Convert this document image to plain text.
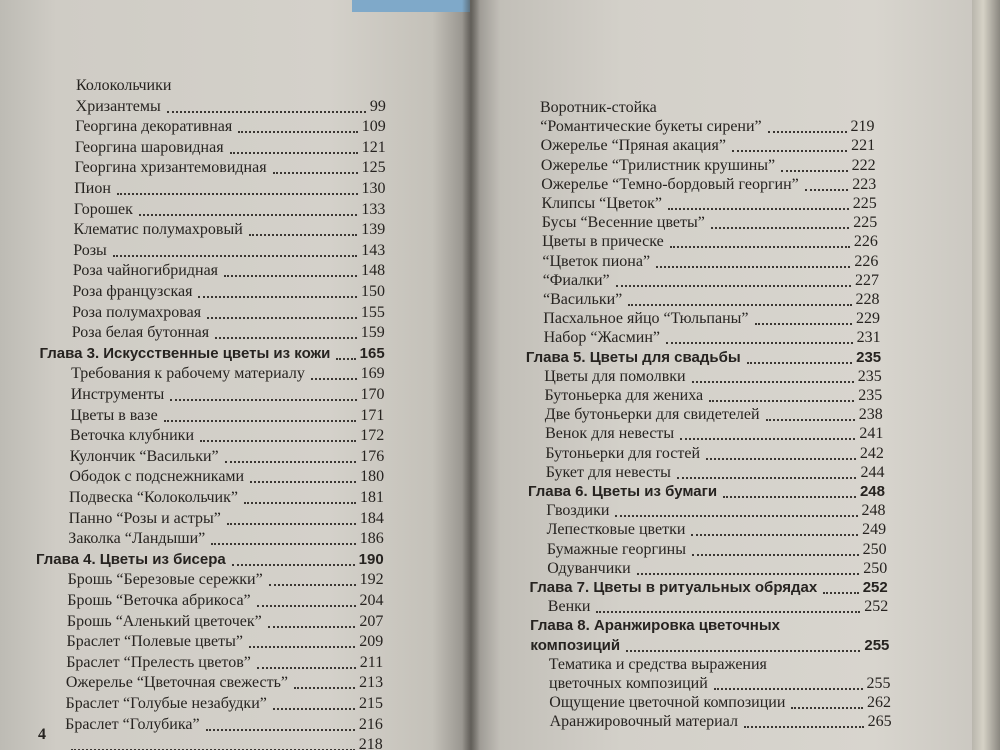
Колокольчики
Хризантемы	99
Георгина декоративная	109
Георгина шаровидная	121
Георгина хризантемовидная	125
Пион	130
Горошек	133
Клематис полумахровый	139
Розы	143
Роза чайногибридная	148
Роза французская	150
Роза полумахровая	155
Роза белая бутонная	159
Глава 3. Искусственные цветы из кожи 165
Требования к рабочему материалу	169
Инструменты	170
Цветы в вазе	171
Веточка клубники	172
Кулончик “Васильки”	176
Ободок с подснежниками	180
Подвеска “Колокольчик”	181
Панно “Розы и астры”	184
Заколка “Ландыши”	186
Глава 4. Цветы из бисера	190
Брошь “Березовые сережки”	192
Брошь “Веточка абрикоса”	204
Брошь “Аленький цветочек”	207
Браслет “Полевые цветы”	209
Браслет “Прелесть цветов”	211
Ожерелье “Цветочная свежесть”	213
Браслет “Голубые незабудки”	215
Браслет “Голубика”	216
218
4
Воротник-стойка
“Романтические букеты сирени”	219
Ожерелье “Пряная акация”	221
Ожерелье “Трилистник крушины”	222
Ожерелье “Темно-бордовый георгин”	223
Клипсы “Цветок”	225
Бусы “Весенние цветы”	225
Цветы в прическе	226
“Цветок пиона”	226
“Фиалки”	227
“Васильки”	228
Пасхальное яйцо “Тюльпаны”	229
Набор “Жасмин”	231
Глава 5. Цветы для свадьбы	235
Цветы для помолвки	235
Бутоньерка для жениха	235
Две бутоньерки для свидетелей	238
Венок для невесты	241
Бутоньерки для гостей	242
Букет для невесты	244
Глава 6. Цветы из бумаги	248
Гвоздики	248
Лепестковые цветки	249
Бумажные георгины	250
Одуванчики	250
Глава 7. Цветы в ритуальных обрядах	252
Венки	252
Глава 8. Аранжировка цветочных
композиций	255
Тематика и средства выражения
цветочных композиций	255
Ощущение цветочной композиции	262
Аранжировочный материал	265
